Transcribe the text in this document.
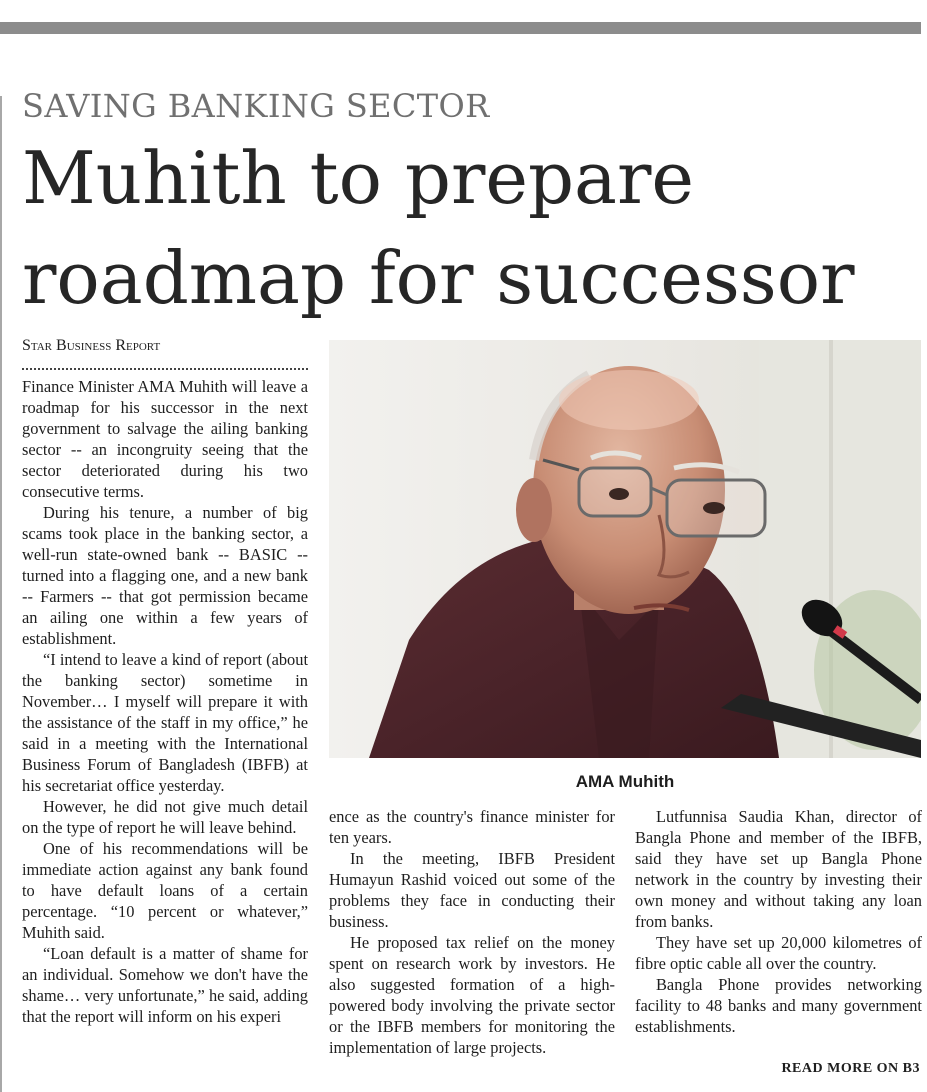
SAVING BANKING SECTOR
Muhith to prepare
roadmap for successor

Star Business Report

Finance Minister AMA Muhith will leave a roadmap for his successor in the next government to salvage the ailing banking sector -- an incongruity seeing that the sector deteriorated during his two consecutive terms.

During his tenure, a number of big scams took place in the banking sector, a well-run state-owned bank -- BASIC -- turned into a flagging one, and a new bank -- Farmers -- that got permission became an ailing one within a few years of establishment.

“I intend to leave a kind of report (about the banking sector) sometime in November… I myself will prepare it with the assistance of the staff in my office,” he said in a meeting with the International Business Forum of Bangladesh (IBFB) at his secretariat office yesterday.

However, he did not give much detail on the type of report he will leave behind.

One of his recommendations will be immediate action against any bank found to have default loans of a certain percentage. “10 percent or whatever,” Muhith said.

“Loan default is a matter of shame for an individual. Somehow we don't have the shame… very unfortunate,” he said, adding that the report will inform on his experi

AMA Muhith

ence as the country's finance minister for ten years.

In the meeting, IBFB President Humayun Rashid voiced out some of the problems they face in conducting their business.

He proposed tax relief on the money spent on research work by investors. He also suggested formation of a high-powered body involving the private sector or the IBFB members for monitoring the implementation of large projects.

Lutfunnisa Saudia Khan, director of Bangla Phone and member of the IBFB, said they have set up Bangla Phone network in the country by investing their own money and without taking any loan from banks.

They have set up 20,000 kilometres of fibre optic cable all over the country.

Bangla Phone provides networking facility to 48 banks and many government establishments.

READ MORE ON B3
